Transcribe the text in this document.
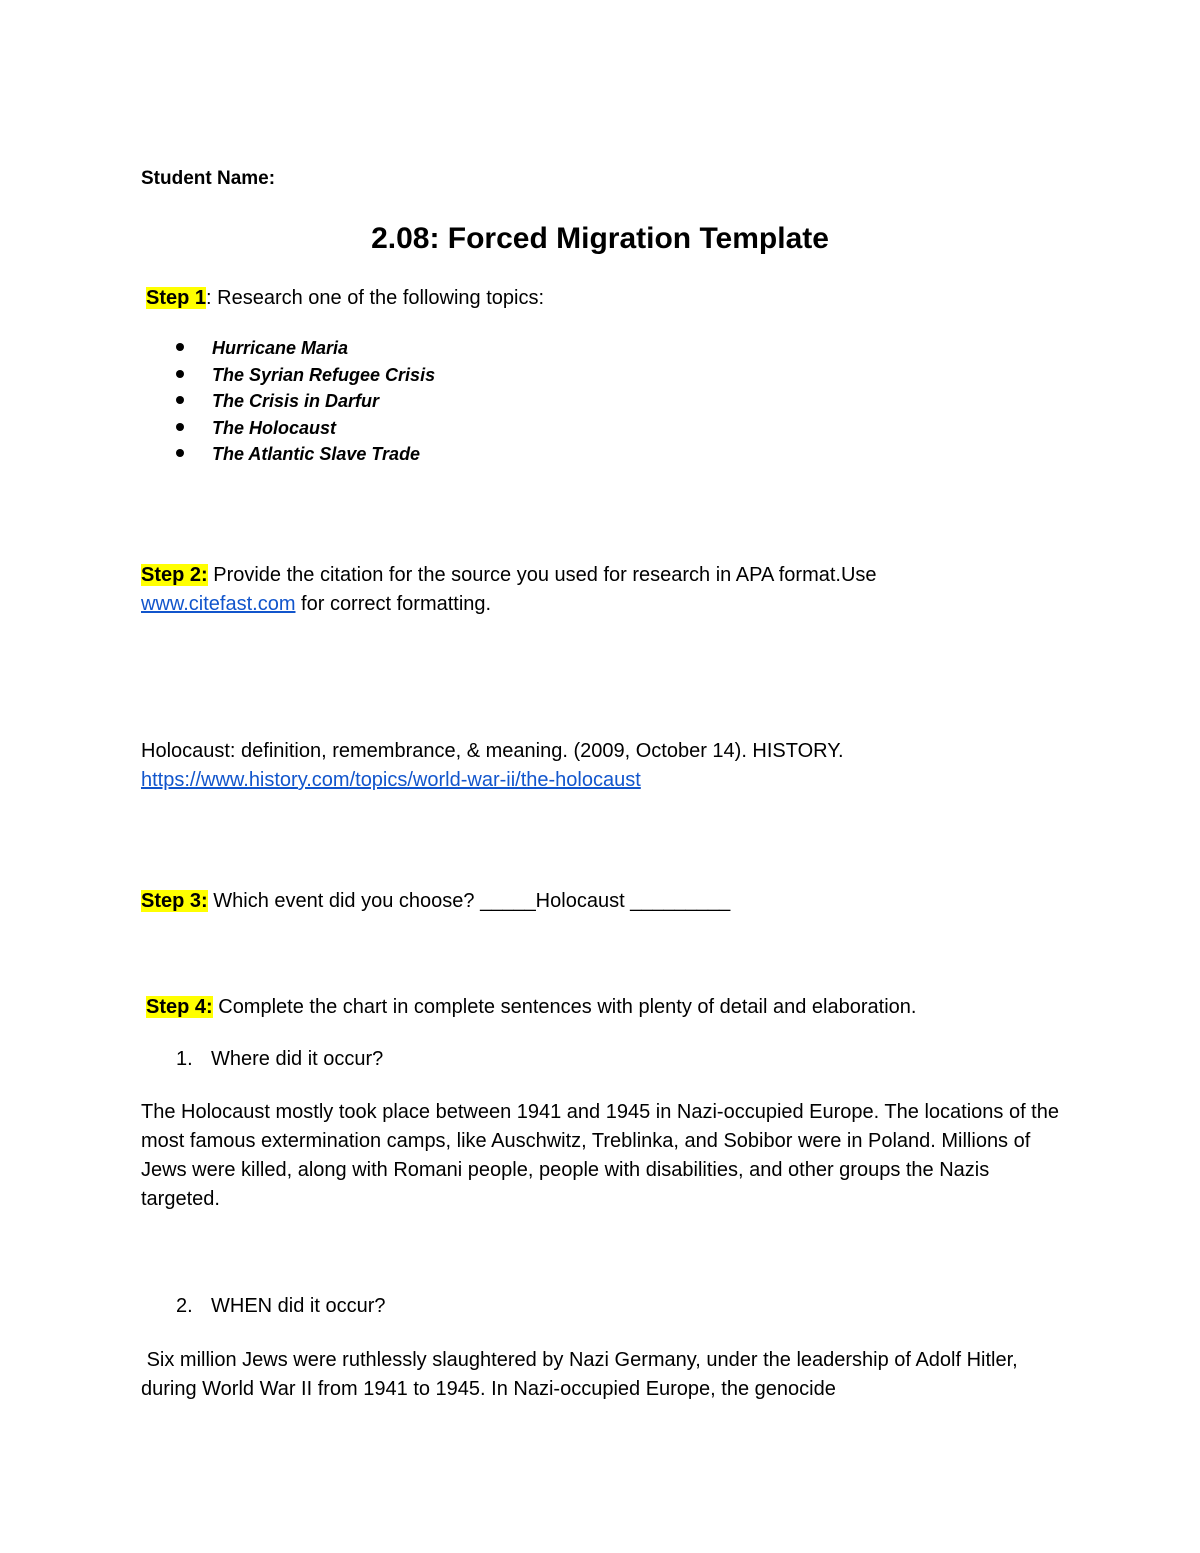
Student Name:
2.08: Forced Migration Template
Step 1: Research one of the following topics:
Hurricane Maria
The Syrian Refugee Crisis
The Crisis in Darfur
The Holocaust
The Atlantic Slave Trade
Step 2: Provide the citation for the source you used for research in APA format.Use
www.citefast.com for correct formatting.
Holocaust: definition, remembrance, & meaning. (2009, October 14). HISTORY.
https://www.history.com/topics/world-war-ii/the-holocaust
Step 3: Which event did you choose? _____Holocaust _________
Step 4: Complete the chart in complete sentences with plenty of detail and elaboration.
1. Where did it occur?
The Holocaust mostly took place between 1941 and 1945 in Nazi-occupied Europe. The locations of the most famous extermination camps, like Auschwitz, Treblinka, and Sobibor were in Poland. Millions of Jews were killed, along with Romani people, people with disabilities, and other groups the Nazis targeted.
2. WHEN did it occur?
Six million Jews were ruthlessly slaughtered by Nazi Germany, under the leadership of Adolf Hitler, during World War II from 1941 to 1945. In Nazi-occupied Europe, the genocide
